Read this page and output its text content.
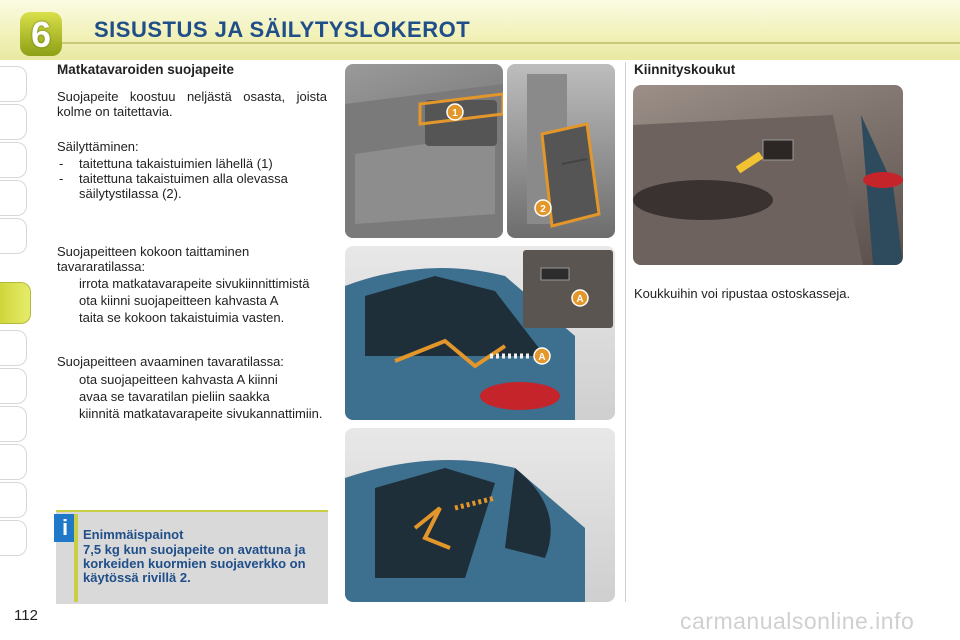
6	SISUSTUS JA SÄILYTYSLOKEROT
Matkatavaroiden suojapeite

Suojapeite koostuu neljästä osasta, joista kolme on taitettavia.

Säilyttäminen:

-	taitettuna takaistuimien lähellä (1)
-	taitettuna takaistuimen alla olevassa säilytystilassa (2).

Suojapeitteen kokoon taittaminen tavararatilassa:

irrota matkatavarapeite sivukiinnittimistä
ota kiinni suojapeitteen kahvasta A
taita se kokoon takaistuimia vasten.

Suojapeitteen avaaminen tavaratilassa:

ota suojapeitteen kahvasta A kiinni
avaa se tavaratilan pieliin saakka
kiinnitä matkatavarapeite sivukannattimiin.
i	Enimmäispainot
7,5 kg kun suojapeite on avattuna ja korkeiden kuormien suojaverkko on käytössä rivillä 2.
1
2
A
A
Kiinnityskoukut
Koukkuihin voi ripustaa ostoskasseja.
112	carmanualsonline.info
